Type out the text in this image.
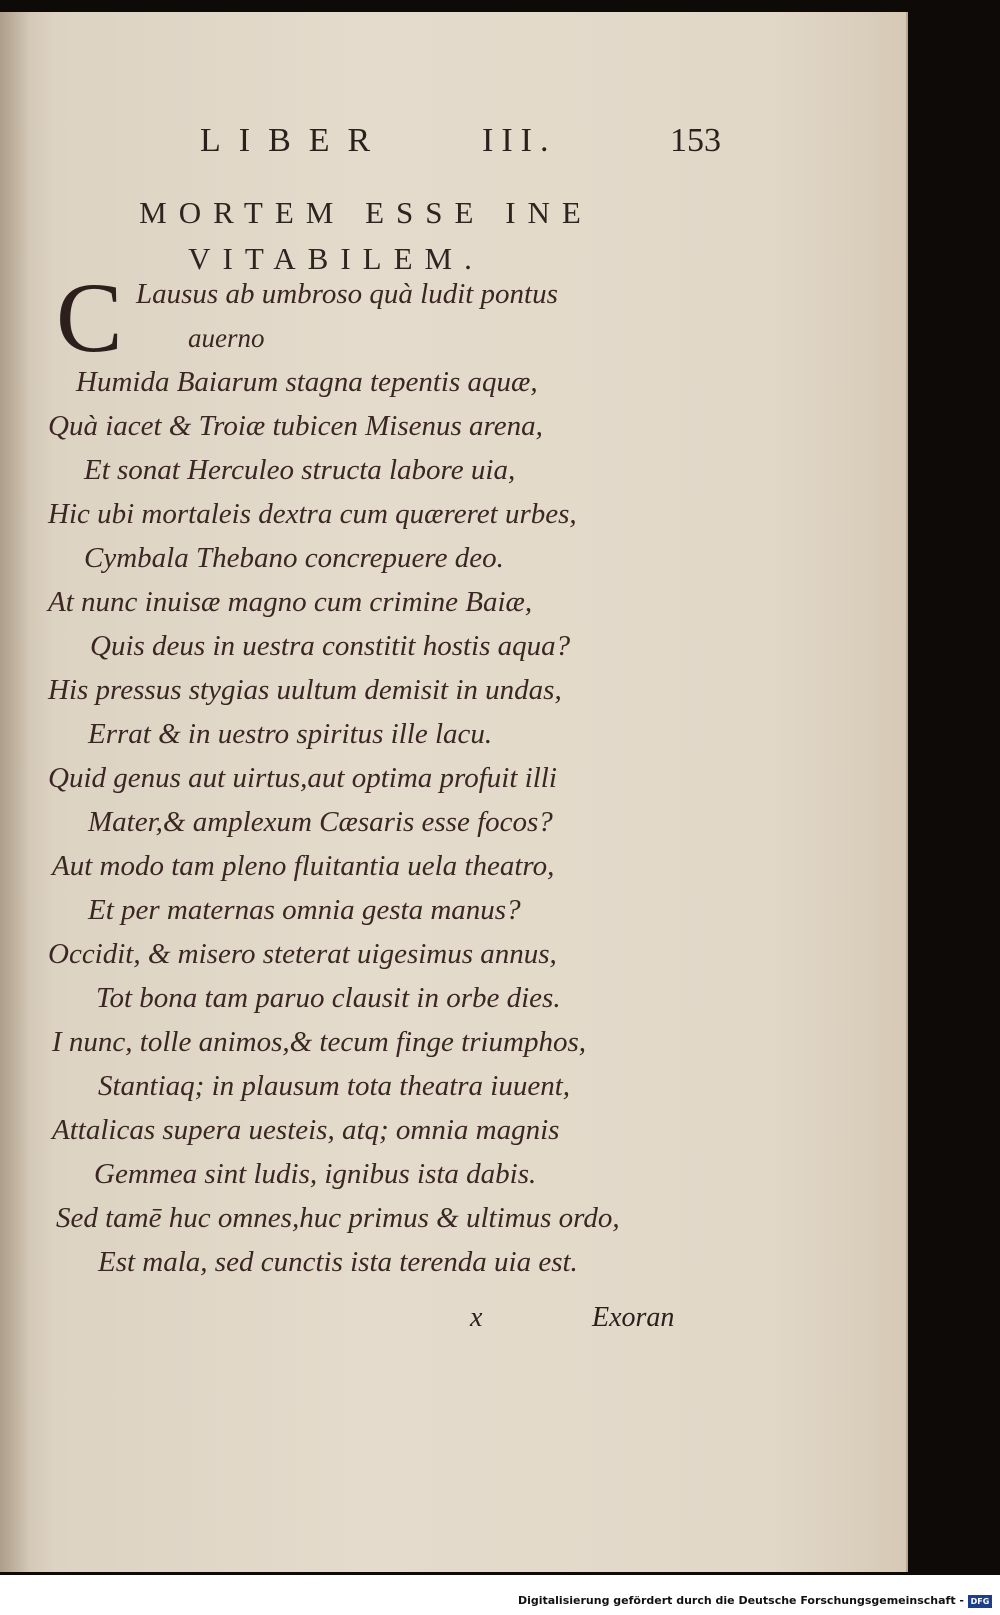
LIBER	III.	153
MORTEM ESSE INE
VITABILEM.
C Lausus ab umbroso quà ludit pontus
auerno
Humida Baiarum stagna tepentis aquæ,
Quà iacet & Troiæ tubicen Misenus arena,
Et sonat Herculeo structa labore uia,
Hic ubi mortaleis dextra cum quæreret urbes,
Cymbala Thebano concrepuere deo.
At nunc inuisæ magno cum crimine Baiæ,
Quis deus in uestra constitit hostis aqua?
His pressus stygias uultum demisit in undas,
Errat & in uestro spiritus ille lacu.
Quid genus aut uirtus,aut optima profuit illi
Mater,& amplexum Cæsaris esse focos?
Aut modo tam pleno fluitantia uela theatro,
Et per maternas omnia gesta manus?
Occidit, & misero steterat uigesimus annus,
Tot bona tam paruo clausit in orbe dies.
I nunc, tolle animos,& tecum finge triumphos,
Stantiaq; in plausum tota theatra iuuent,
Attalicas supera uesteis, atq; omnia magnis
Gemmea sint ludis, ignibus ista dabis.
Sed tamē huc omnes,huc primus & ultimus ordo,
Est mala, sed cunctis ista terenda uia est.
x	Exoran
Digitalisierung gefördert durch die Deutsche Forschungsgemeinschaft - DFG
